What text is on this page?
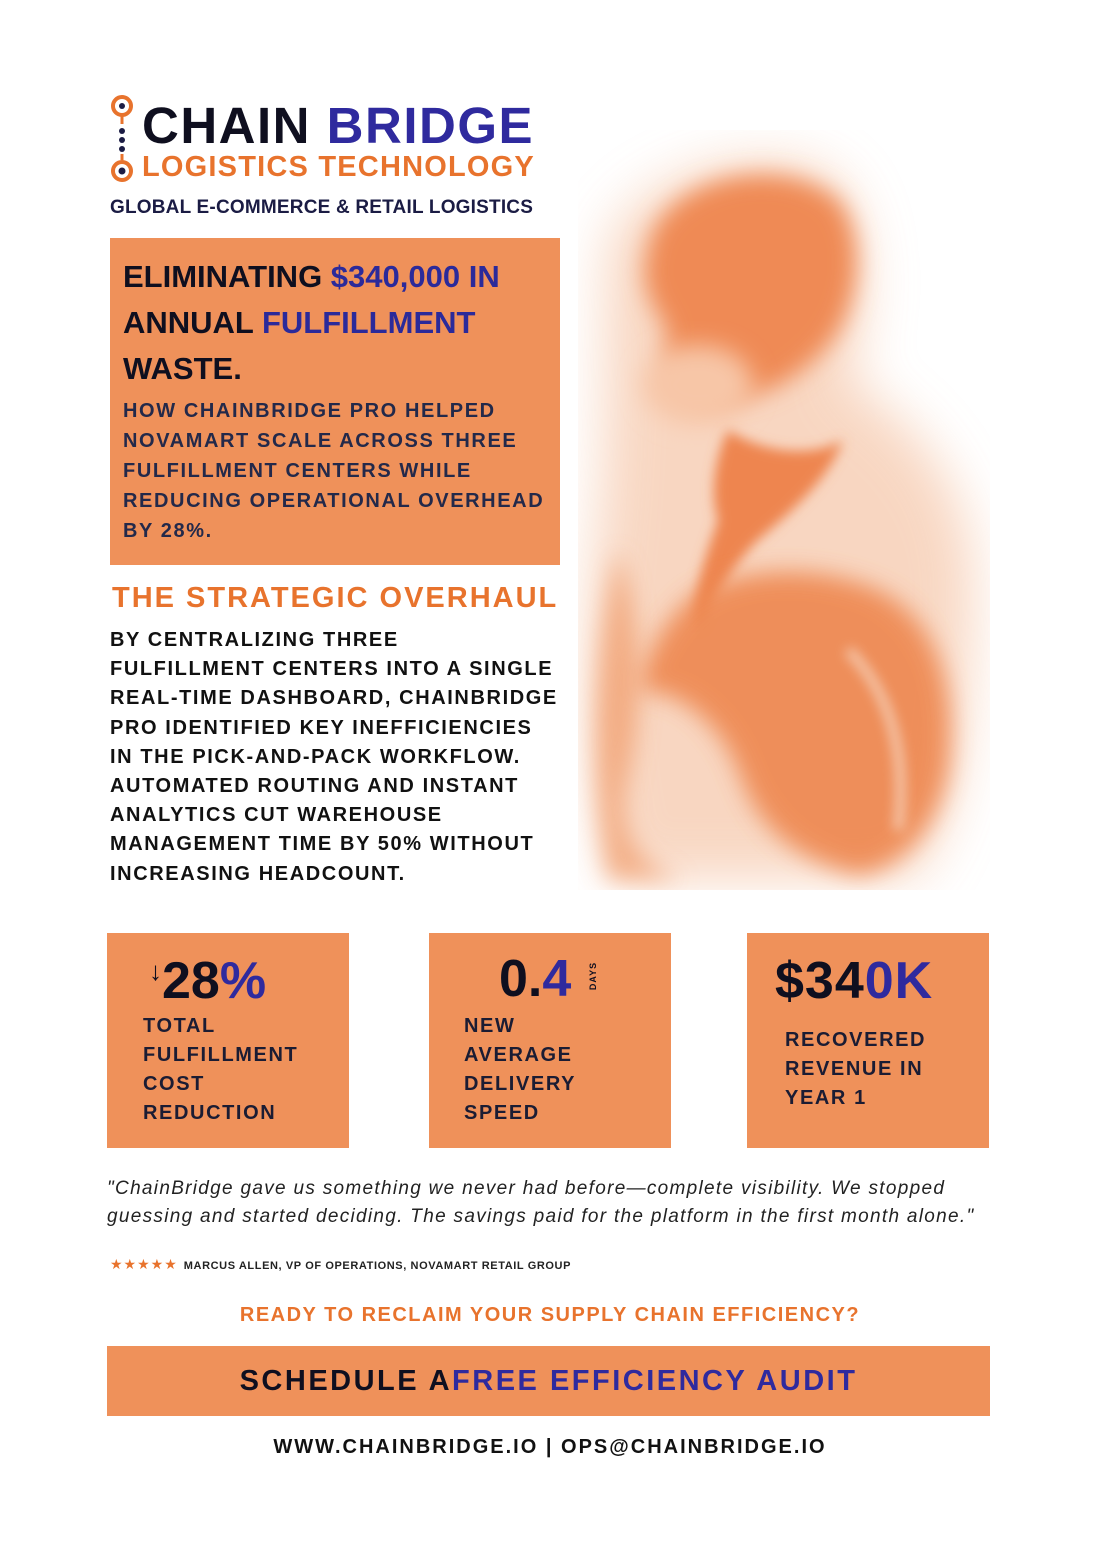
CHAIN BRIDGE
LOGISTICS TECHNOLOGY
GLOBAL E-COMMERCE & RETAIL LOGISTICS
ELIMINATING $340,000 IN
ANNUAL FULFILLMENT
WASTE.
HOW CHAINBRIDGE PRO HELPED NOVAMART SCALE ACROSS THREE FULFILLMENT CENTERS WHILE REDUCING OPERATIONAL OVERHEAD BY 28%.
THE STRATEGIC OVERHAUL
BY CENTRALIZING THREE FULFILLMENT CENTERS INTO A SINGLE REAL-TIME DASHBOARD, CHAINBRIDGE PRO IDENTIFIED KEY INEFFICIENCIES IN THE PICK-AND-PACK WORKFLOW. AUTOMATED ROUTING AND INSTANT ANALYTICS CUT WAREHOUSE MANAGEMENT TIME BY 50% WITHOUT INCREASING HEADCOUNT.
↓28%
TOTAL FULFILLMENT COST REDUCTION
0.4 DAYS
NEW AVERAGE DELIVERY SPEED
$340K
RECOVERED REVENUE IN YEAR 1
"ChainBridge gave us something we never had before—complete visibility. We stopped guessing and started deciding. The savings paid for the platform in the first month alone."
★★★★★ MARCUS ALLEN, VP OF OPERATIONS, NOVAMART RETAIL GROUP
READY TO RECLAIM YOUR SUPPLY CHAIN EFFICIENCY?
SCHEDULE A FREE EFFICIENCY AUDIT
WWW.CHAINBRIDGE.IO | OPS@CHAINBRIDGE.IO
